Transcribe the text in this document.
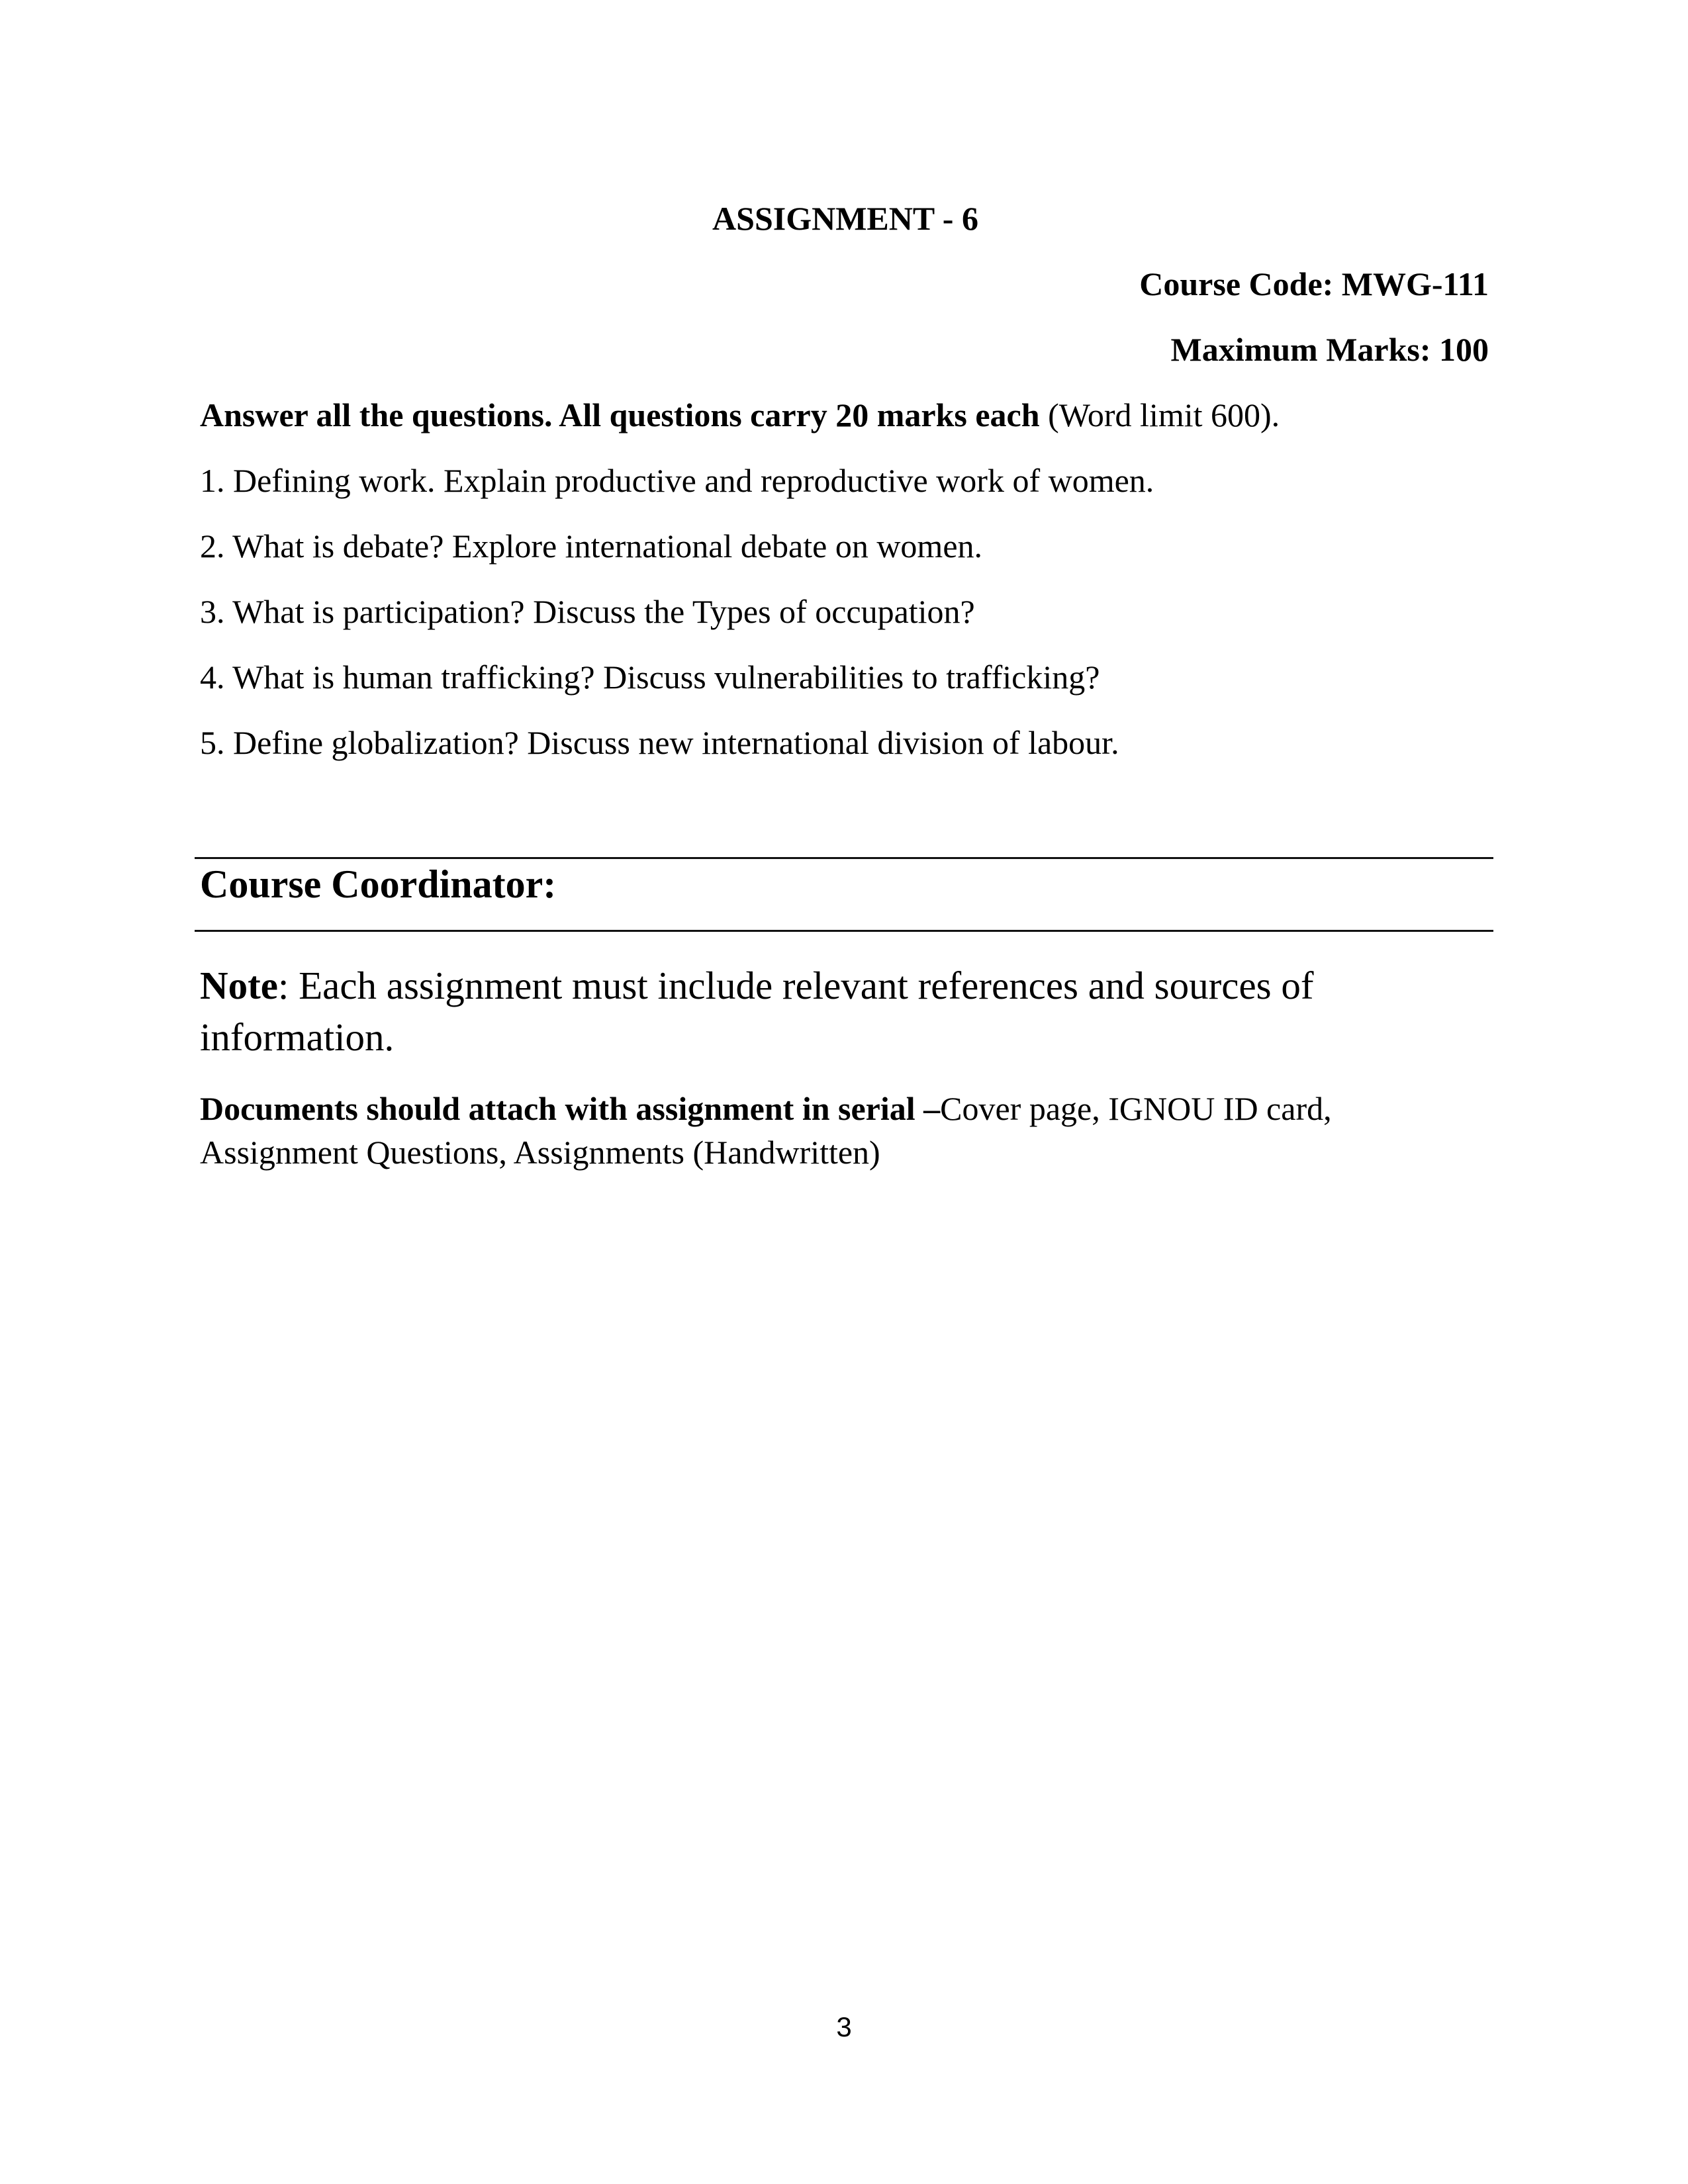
ASSIGNMENT - 6
Course Code: MWG-111
Maximum Marks: 100

Answer all the questions. All questions carry 20 marks each (Word limit 600).

1. Defining work. Explain productive and reproductive work of women.

2. What is debate? Explore international debate on women.

3. What is participation? Discuss the Types of occupation?

4. What is human trafficking? Discuss vulnerabilities to trafficking?

5. Define globalization? Discuss new international division of labour.

Course Coordinator:

Note: Each assignment must include relevant references and sources of information.

Documents should attach with assignment in serial –Cover page, IGNOU ID card, Assignment Questions, Assignments (Handwritten)

3
